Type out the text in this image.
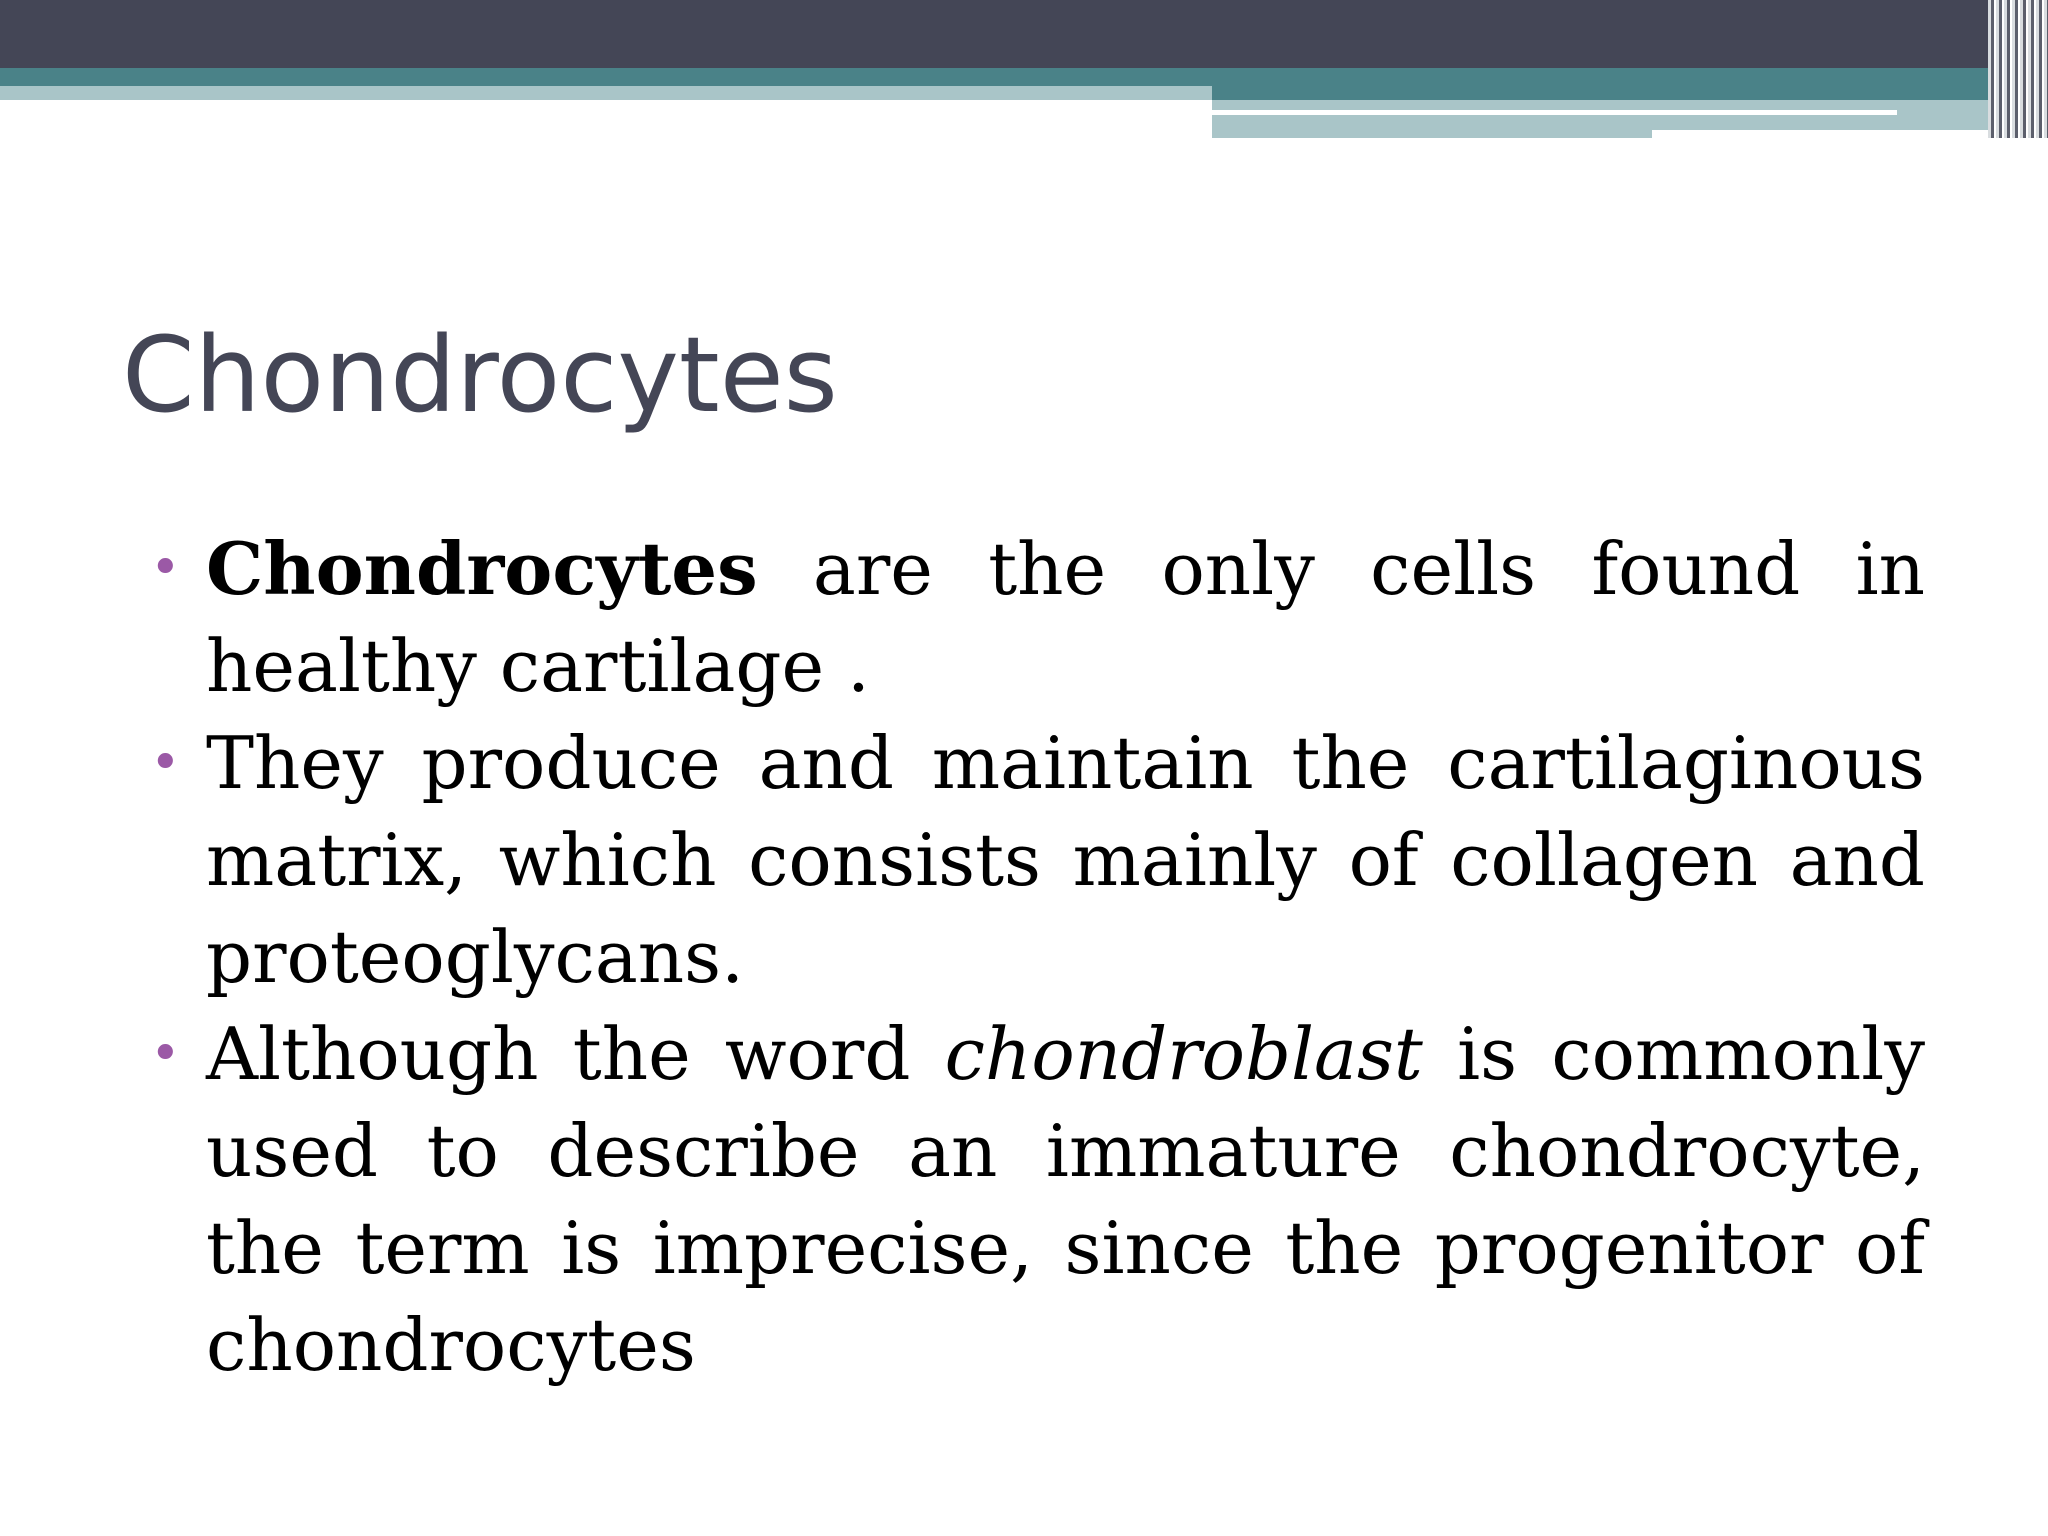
Chondrocytes
• Chondrocytes are the only cells found in healthy cartilage .
• They produce and maintain the cartilaginous matrix, which consists mainly of collagen and proteoglycans.
• Although the word chondroblast is commonly used to describe an immature chondrocyte, the term is imprecise, since the progenitor of chondrocytes
